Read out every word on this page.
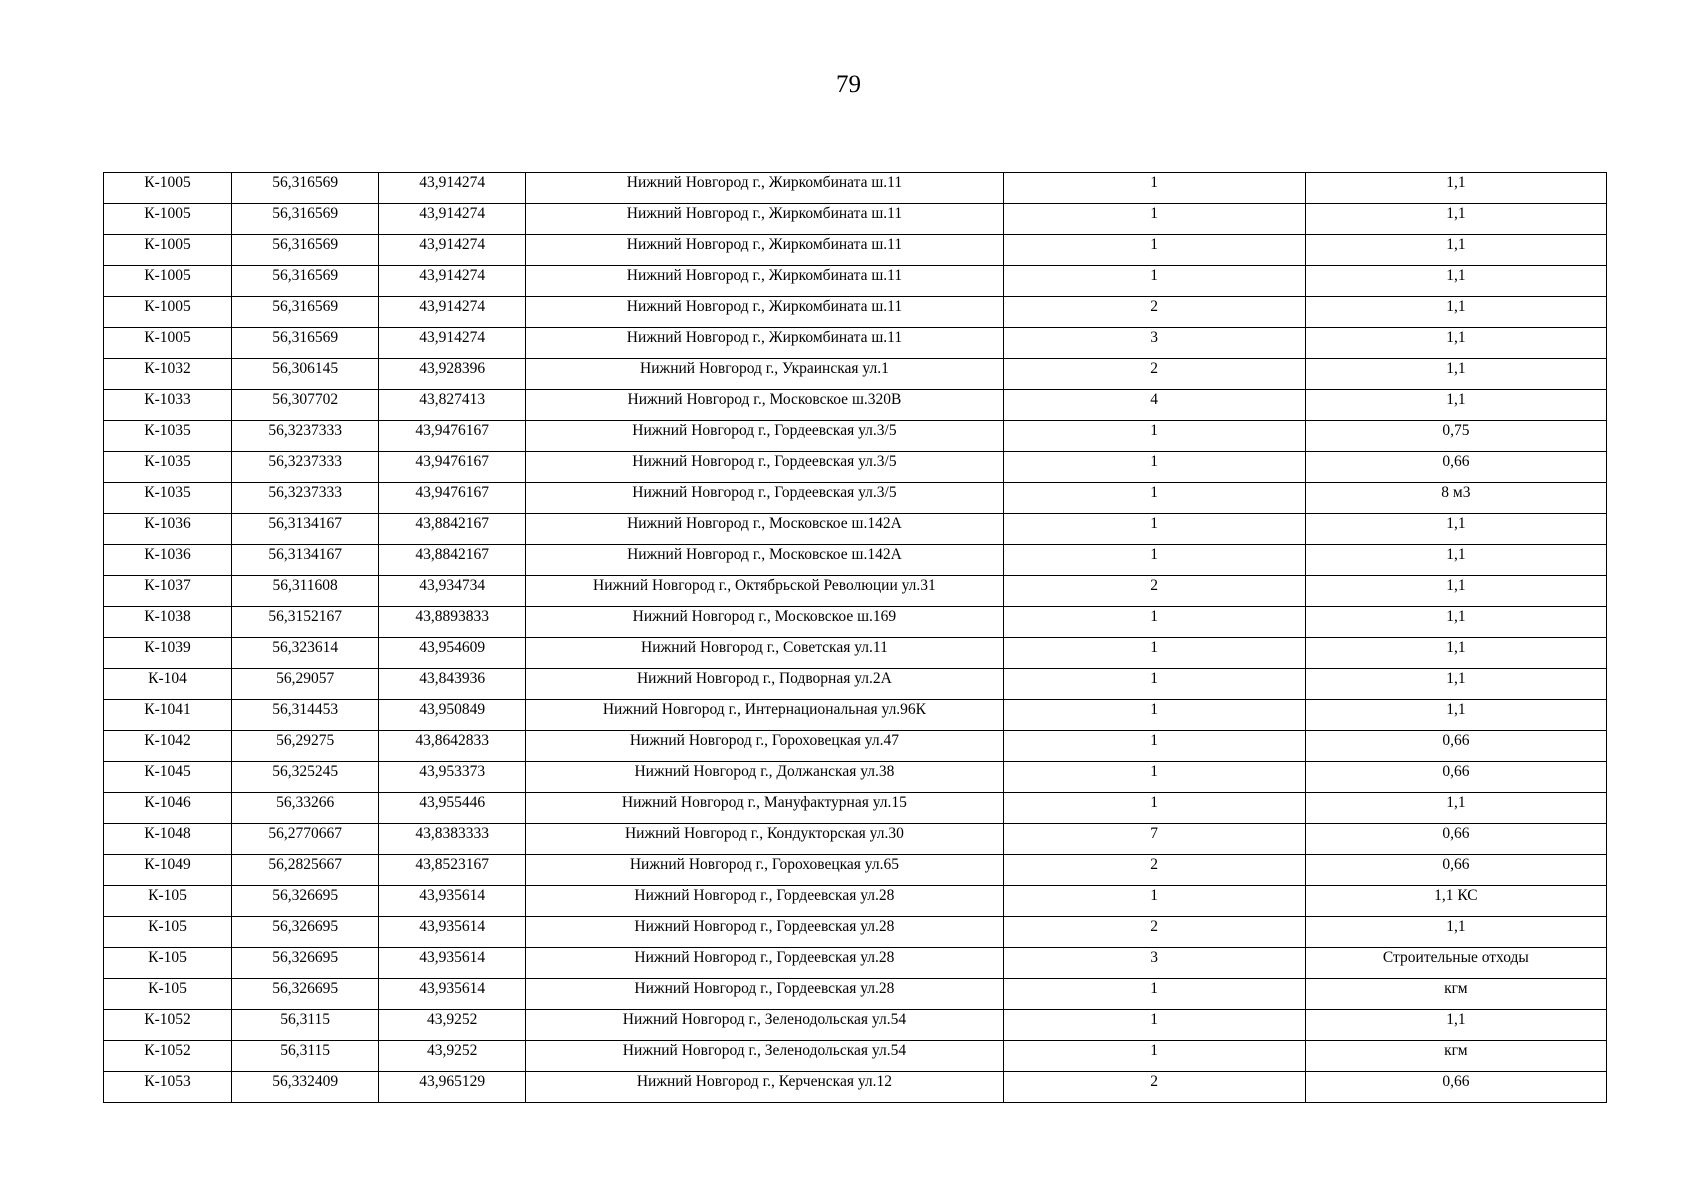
79
К-1005	56,316569	43,914274	Нижний Новгород г., Жиркомбината ш.11	1	1,1
К-1005	56,316569	43,914274	Нижний Новгород г., Жиркомбината ш.11	1	1,1
К-1005	56,316569	43,914274	Нижний Новгород г., Жиркомбината ш.11	1	1,1
К-1005	56,316569	43,914274	Нижний Новгород г., Жиркомбината ш.11	1	1,1
К-1005	56,316569	43,914274	Нижний Новгород г., Жиркомбината ш.11	2	1,1
К-1005	56,316569	43,914274	Нижний Новгород г., Жиркомбината ш.11	3	1,1
К-1032	56,306145	43,928396	Нижний Новгород г., Украинская ул.1	2	1,1
К-1033	56,307702	43,827413	Нижний Новгород г., Московское ш.320В	4	1,1
К-1035	56,3237333	43,9476167	Нижний Новгород г., Гордеевская ул.3/5	1	0,75
К-1035	56,3237333	43,9476167	Нижний Новгород г., Гордеевская ул.3/5	1	0,66
К-1035	56,3237333	43,9476167	Нижний Новгород г., Гордеевская ул.3/5	1	8 м3
К-1036	56,3134167	43,8842167	Нижний Новгород г., Московское ш.142А	1	1,1
К-1036	56,3134167	43,8842167	Нижний Новгород г., Московское ш.142А	1	1,1
К-1037	56,311608	43,934734	Нижний Новгород г., Октябрьской Революции ул.31	2	1,1
К-1038	56,3152167	43,8893833	Нижний Новгород г., Московское ш.169	1	1,1
К-1039	56,323614	43,954609	Нижний Новгород г., Советская ул.11	1	1,1
К-104	56,29057	43,843936	Нижний Новгород г., Подворная ул.2А	1	1,1
К-1041	56,314453	43,950849	Нижний Новгород г., Интернациональная ул.96К	1	1,1
К-1042	56,29275	43,8642833	Нижний Новгород г., Гороховецкая ул.47	1	0,66
К-1045	56,325245	43,953373	Нижний Новгород г., Должанская ул.38	1	0,66
К-1046	56,33266	43,955446	Нижний Новгород г., Мануфактурная ул.15	1	1,1
К-1048	56,2770667	43,8383333	Нижний Новгород г., Кондукторская ул.30	7	0,66
К-1049	56,2825667	43,8523167	Нижний Новгород г., Гороховецкая ул.65	2	0,66
К-105	56,326695	43,935614	Нижний Новгород г., Гордеевская ул.28	1	1,1 КС
К-105	56,326695	43,935614	Нижний Новгород г., Гордеевская ул.28	2	1,1
К-105	56,326695	43,935614	Нижний Новгород г., Гордеевская ул.28	3	Строительные отходы
К-105	56,326695	43,935614	Нижний Новгород г., Гордеевская ул.28	1	кгм
К-1052	56,3115	43,9252	Нижний Новгород г., Зеленодольская ул.54	1	1,1
К-1052	56,3115	43,9252	Нижний Новгород г., Зеленодольская ул.54	1	кгм
К-1053	56,332409	43,965129	Нижний Новгород г., Керченская ул.12	2	0,66
